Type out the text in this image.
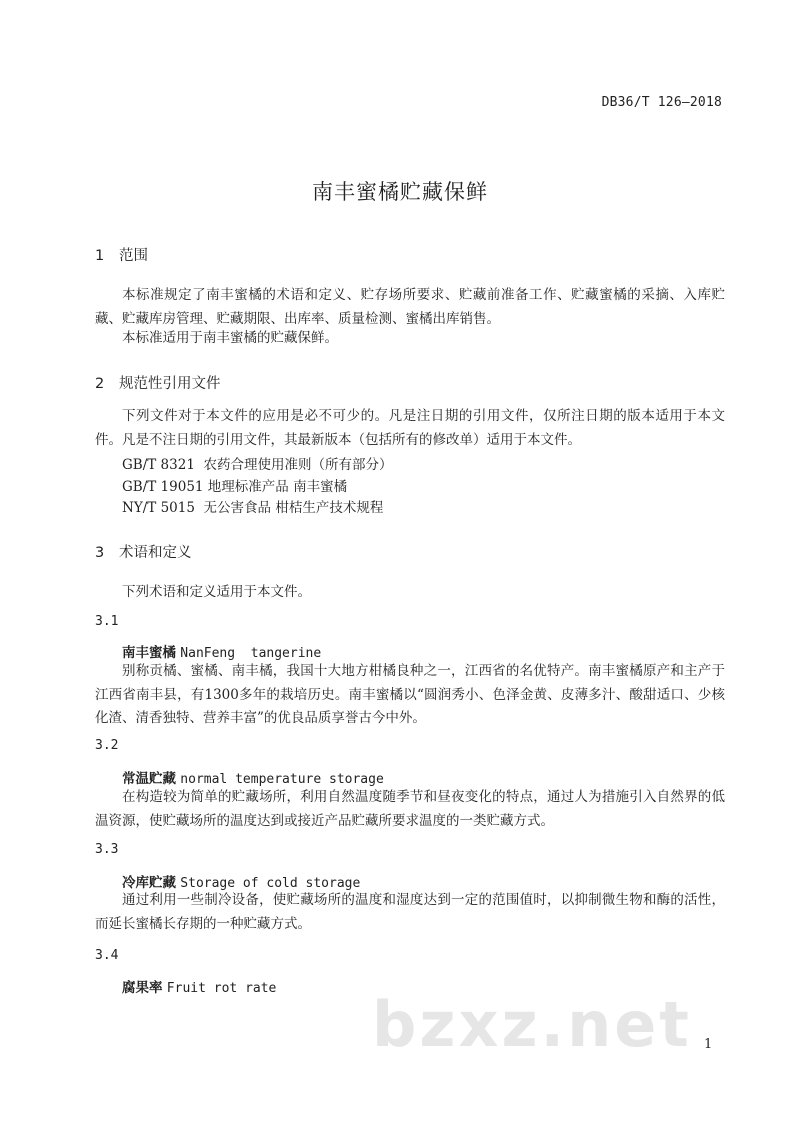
DB36/T 126—2018
南丰蜜橘贮藏保鲜
1 范围
本标准规定了南丰蜜橘的术语和定义、贮存场所要求、贮藏前准备工作、贮藏蜜橘的采摘、入库贮藏、贮藏库房管理、贮藏期限、出库率、质量检测、蜜橘出库销售。
本标准适用于南丰蜜橘的贮藏保鲜。
2 规范性引用文件
下列文件对于本文件的应用是必不可少的。凡是注日期的引用文件，仅所注日期的版本适用于本文件。凡是不注日期的引用文件，其最新版本（包括所有的修改单）适用于本文件。
GB/T 8321 农药合理使用准则（所有部分）
GB/T 19051 地理标准产品 南丰蜜橘
NY/T 5015 无公害食品 柑桔生产技术规程
3 术语和定义
下列术语和定义适用于本文件。
3.1
南丰蜜橘 NanFeng  tangerine
别称贡橘、蜜橘、南丰橘，我国十大地方柑橘良种之一，江西省的名优特产。南丰蜜橘原产和主产于江西省南丰县，有1300多年的栽培历史。南丰蜜橘以“圆润秀小、色泽金黄、皮薄多汁、酸甜适口、少核化渣、清香独特、营养丰富”的优良品质享誉古今中外。
3.2
常温贮藏 normal temperature storage
在构造较为简单的贮藏场所，利用自然温度随季节和昼夜变化的特点，通过人为措施引入自然界的低温资源，使贮藏场所的温度达到或接近产品贮藏所要求温度的一类贮藏方式。
3.3
冷库贮藏 Storage of cold storage
通过利用一些制冷设备，使贮藏场所的温度和湿度达到一定的范围值时，以抑制微生物和酶的活性，而延长蜜橘长存期的一种贮藏方式。
3.4
腐果率 Fruit rot rate bzxz.net 1
